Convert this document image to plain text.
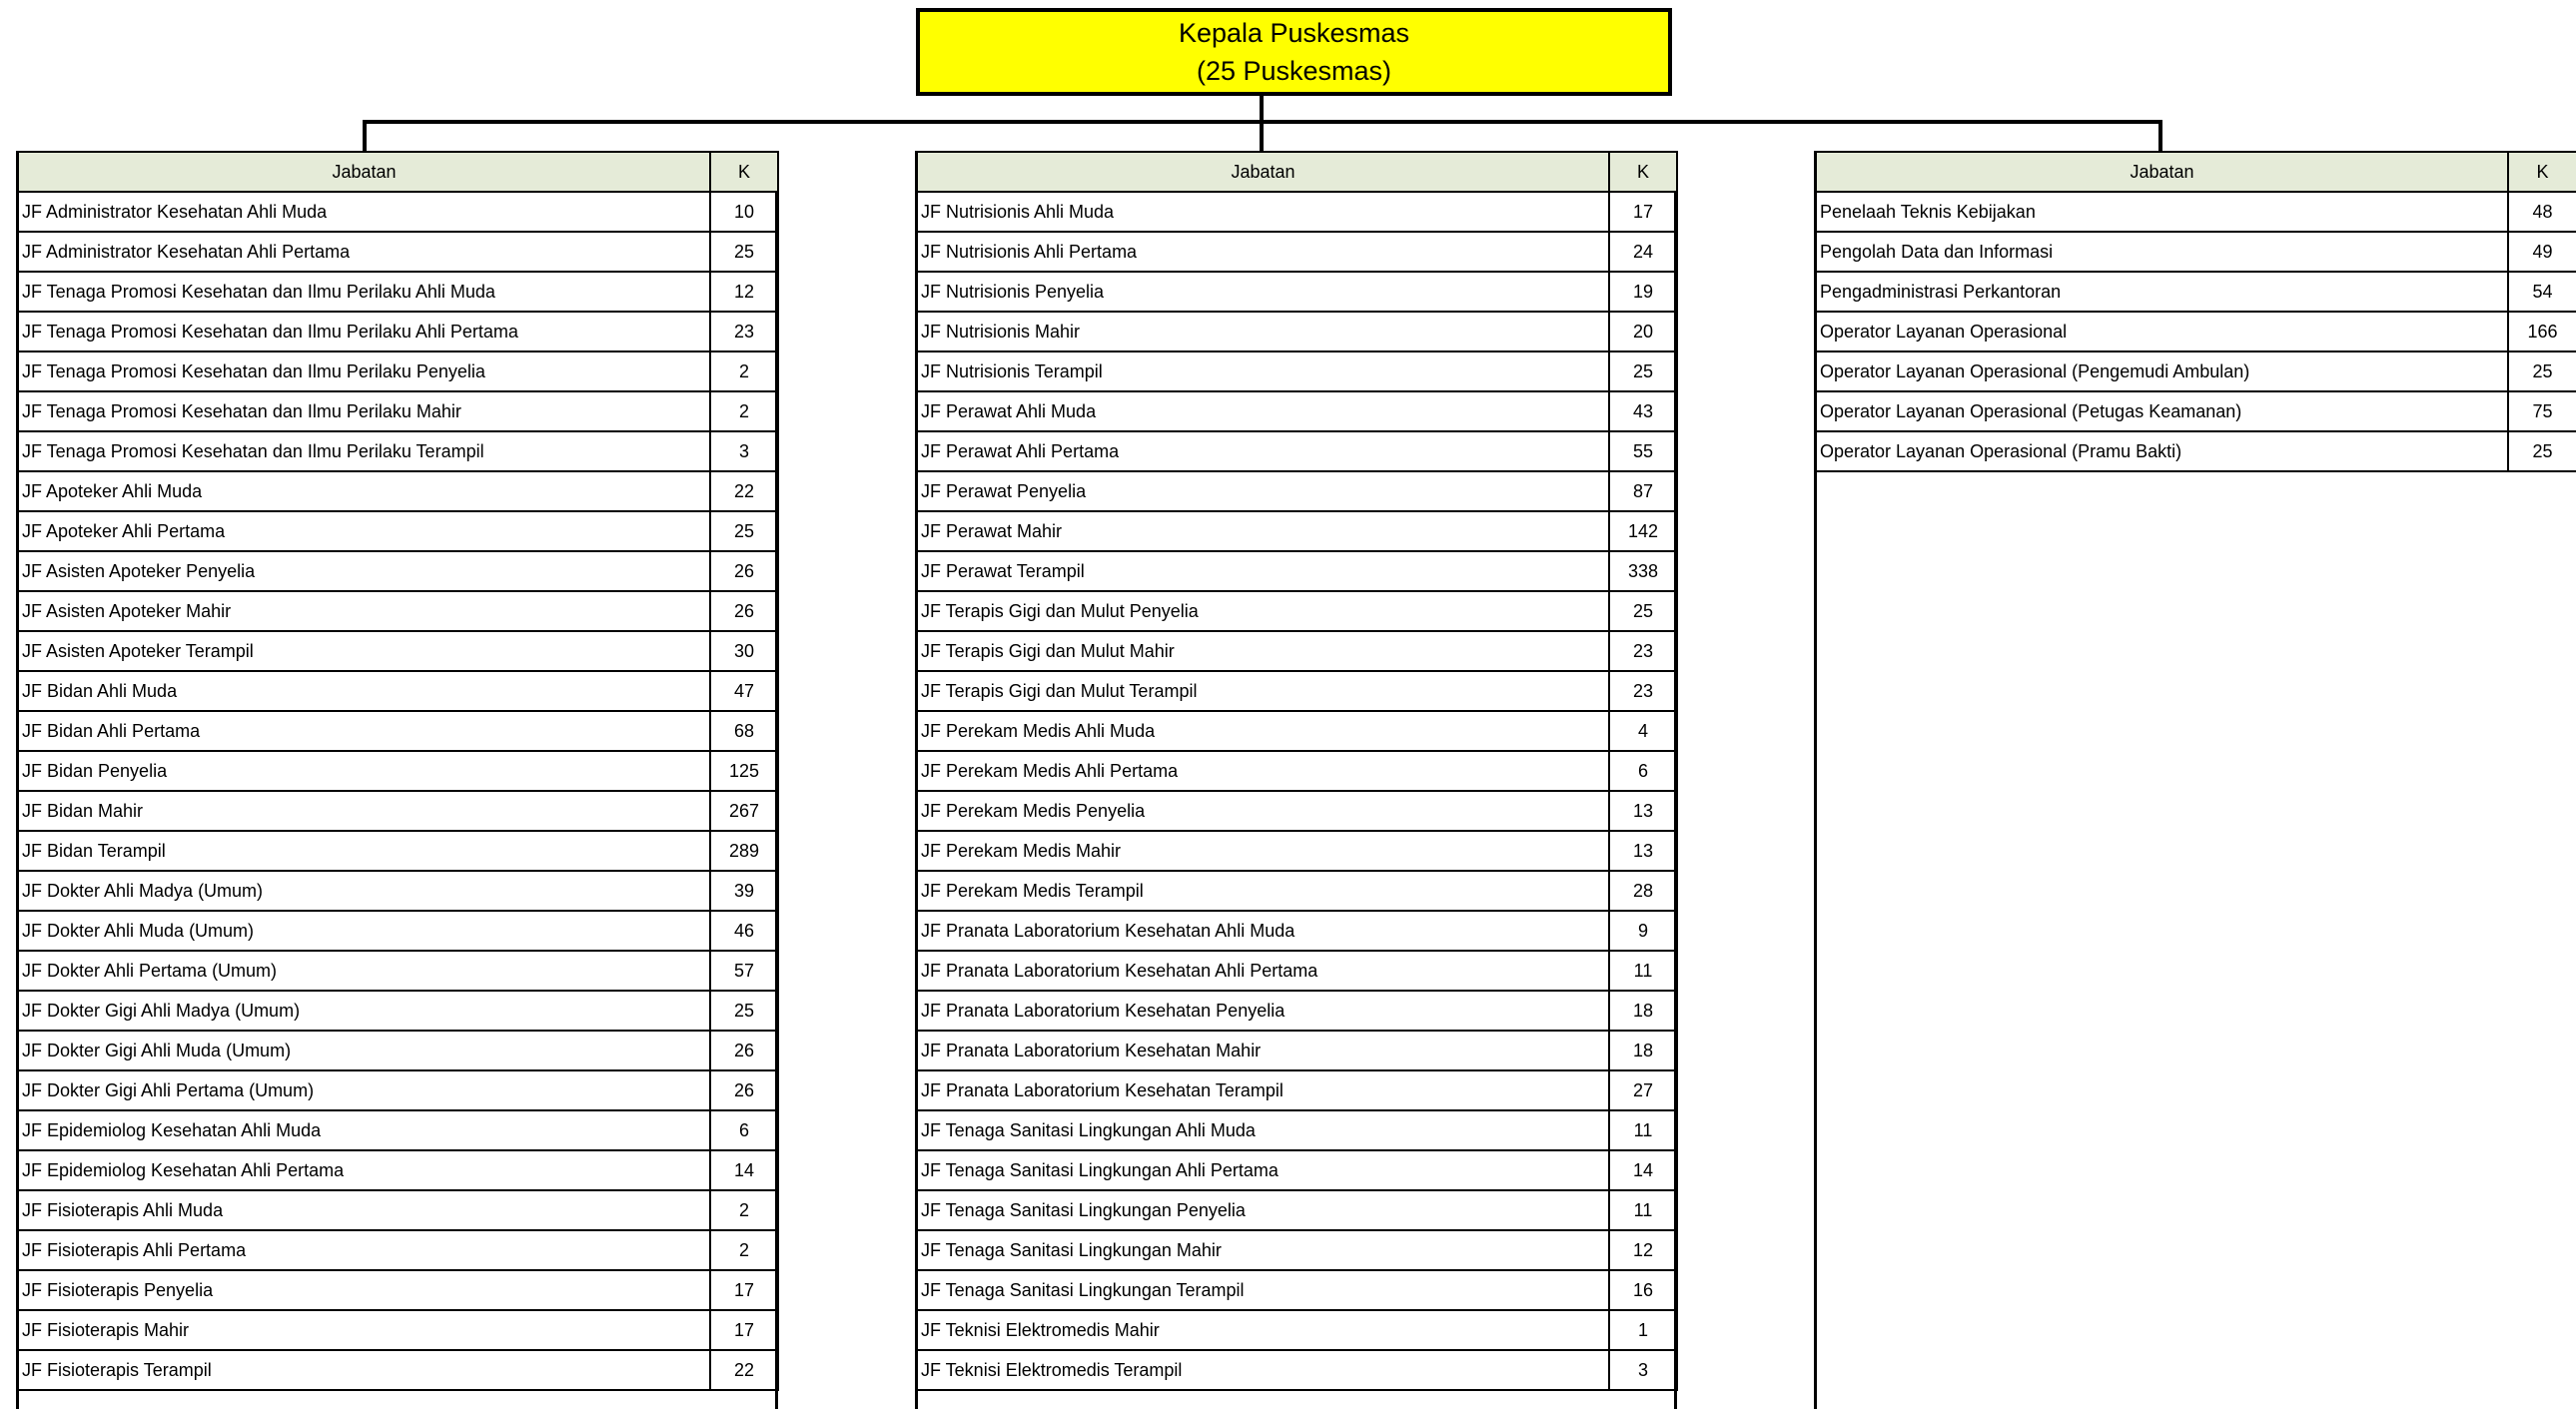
Kepala Puskesmas
(25 Puskesmas)
Jabatan	K
JF Administrator Kesehatan Ahli Muda	10
JF Administrator Kesehatan Ahli Pertama	25
JF Tenaga Promosi Kesehatan dan Ilmu Perilaku Ahli Muda	12
JF Tenaga Promosi Kesehatan dan Ilmu Perilaku Ahli Pertama	23
JF Tenaga Promosi Kesehatan dan Ilmu Perilaku Penyelia	2
JF Tenaga Promosi Kesehatan dan Ilmu Perilaku Mahir	2
JF Tenaga Promosi Kesehatan dan Ilmu Perilaku Terampil	3
JF Apoteker Ahli Muda	22
JF Apoteker Ahli Pertama	25
JF Asisten Apoteker Penyelia	26
JF Asisten Apoteker Mahir	26
JF Asisten Apoteker Terampil	30
JF Bidan Ahli Muda	47
JF Bidan Ahli Pertama	68
JF Bidan Penyelia	125
JF Bidan Mahir	267
JF Bidan Terampil	289
JF Dokter Ahli Madya (Umum)	39
JF Dokter Ahli Muda (Umum)	46
JF Dokter Ahli Pertama (Umum)	57
JF Dokter Gigi Ahli Madya (Umum)	25
JF Dokter Gigi Ahli Muda (Umum)	26
JF Dokter Gigi Ahli Pertama (Umum)	26
JF Epidemiolog Kesehatan Ahli Muda	6
JF Epidemiolog Kesehatan Ahli Pertama	14
JF Fisioterapis Ahli Muda	2
JF Fisioterapis Ahli Pertama	2
JF Fisioterapis Penyelia	17
JF Fisioterapis Mahir	17
JF Fisioterapis Terampil	22
Jabatan	K
JF Nutrisionis Ahli Muda	17
JF Nutrisionis Ahli Pertama	24
JF Nutrisionis Penyelia	19
JF Nutrisionis Mahir	20
JF Nutrisionis Terampil	25
JF Perawat Ahli Muda	43
JF Perawat Ahli Pertama	55
JF Perawat Penyelia	87
JF Perawat Mahir	142
JF Perawat Terampil	338
JF Terapis Gigi dan Mulut Penyelia	25
JF Terapis Gigi dan Mulut Mahir	23
JF Terapis Gigi dan Mulut Terampil	23
JF Perekam Medis Ahli Muda	4
JF Perekam Medis Ahli Pertama	6
JF Perekam Medis Penyelia	13
JF Perekam Medis Mahir	13
JF Perekam Medis Terampil	28
JF Pranata Laboratorium Kesehatan Ahli Muda	9
JF Pranata Laboratorium Kesehatan Ahli Pertama	11
JF Pranata Laboratorium Kesehatan Penyelia	18
JF Pranata Laboratorium Kesehatan Mahir	18
JF Pranata Laboratorium Kesehatan Terampil	27
JF Tenaga Sanitasi Lingkungan Ahli Muda	11
JF Tenaga Sanitasi Lingkungan Ahli Pertama	14
JF Tenaga Sanitasi Lingkungan Penyelia	11
JF Tenaga Sanitasi Lingkungan Mahir	12
JF Tenaga Sanitasi Lingkungan Terampil	16
JF Teknisi Elektromedis Mahir	1
JF Teknisi Elektromedis Terampil	3
Jabatan	K
Penelaah Teknis Kebijakan	48
Pengolah Data dan Informasi	49
Pengadministrasi Perkantoran	54
Operator Layanan Operasional	166
Operator Layanan Operasional (Pengemudi Ambulan)	25
Operator Layanan Operasional (Petugas Keamanan)	75
Operator Layanan Operasional (Pramu Bakti)	25
